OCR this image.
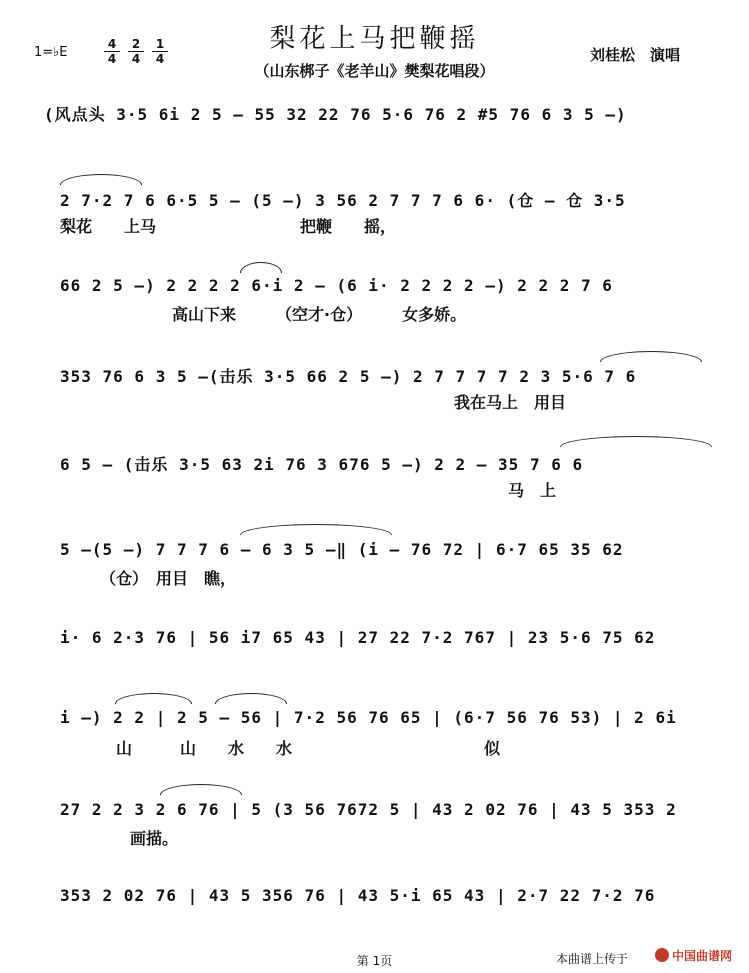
梨花上马把鞭摇
（山东梆子《老羊山》樊梨花唱段）
1=♭E
4
4
2
4
1
4	刘桂松　演唱
(风点头 3·5 6i 2 5 – 55 32 22 76 5·6 76 2 #5 76 6 3 5 –)
2 7·2 7 6 6·5 5 – (5 –) 3 56 2 7 7 7 6 6· (仓 – 仓 3·5
梨花　　上马　　　　　　　　　把鞭　　摇，
66 2 5 –) 2 2 2 2 6·i 2 – (6 i· 2 2 2 2 –) 2 2 2 7 6
高山下来　　　（空才·仓）　　　女多娇。
353 76 6 3 5 –(击乐 3·5 66 2 5 –) 2 7 7 7 7 2 3 5·6 7 6
我在马上　用目
6 5 – (击乐 3·5 63 2i 76 3 676 5 –) 2 2 – 35 7 6 6
马　上
5 –(5 –) 7 7 7 6 – 6 3 5 –‖ (i – 76 72 | 6·7 65 35 62
（仓）　用目　瞧，
i· 6 2·3 76 | 56 i7 65 43 | 27 22 7·2 767 | 23 5·6 75 62
i –) 2 2 | 2 5 – 56 | 7·2 56 76 65 | (6·7 56 76 53) | 2 6i
山　　　山　　水　　水　　　　　　　　　　　　似
27 2 2 3 2 6 76 | 5 (3 56 7672 5 | 43 2 02 76 | 43 5 353 2
画描。
353 2 02 76 | 43 5 356 76 | 43 5·i 65 43 | 2·7 22 7·2 76
第 1页	本曲谱上传于	中国曲谱网
